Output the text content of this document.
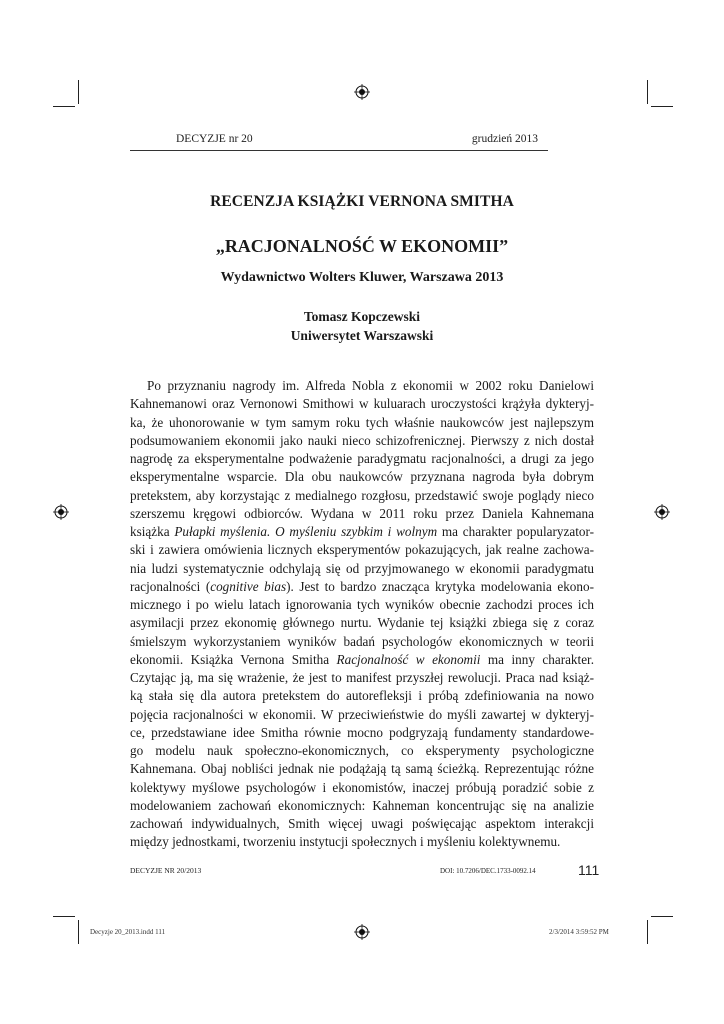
DECYZJE nr 20	grudzień 2013
RECENZJA KSIĄŻKI VERNONA SMITHA
„RACJONALNOŚĆ W EKONOMII”
Wydawnictwo Wolters Kluwer, Warszawa 2013
Tomasz Kopczewski
Uniwersytet Warszawski
Po przyznaniu nagrody im. Alfreda Nobla z ekonomii w 2002 roku Danielowi
Kahnemanowi oraz Vernonowi Smithowi w kuluarach uroczystości krążyła dykteryj-
ka, że uhonorowanie w tym samym roku tych właśnie naukowców jest najlepszym
podsumowaniem ekonomii jako nauki nieco schizofrenicznej. Pierwszy z nich dostał
nagrodę za eksperymentalne podważenie paradygmatu racjonalności, a drugi za jego
eksperymentalne wsparcie. Dla obu naukowców przyznana nagroda była dobrym
pretekstem, aby korzystając z medialnego rozgłosu, przedstawić swoje poglądy nieco
szerszemu kręgowi odbiorców. Wydana w 2011 roku przez Daniela Kahnemana
książka Pułapki myślenia. O myśleniu szybkim i wolnym ma charakter popularyzator-
ski i zawiera omówienia licznych eksperymentów pokazujących, jak realne zachowa-
nia ludzi systematycznie odchylają się od przyjmowanego w ekonomii paradygmatu
racjonalności (cognitive bias). Jest to bardzo znacząca krytyka modelowania ekono-
micznego i po wielu latach ignorowania tych wyników obecnie zachodzi proces ich
asymilacji przez ekonomię głównego nurtu. Wydanie tej książki zbiega się z coraz
śmielszym wykorzystaniem wyników badań psychologów ekonomicznych w teorii
ekonomii. Książka Vernona Smitha Racjonalność w ekonomii ma inny charakter.
Czytając ją, ma się wrażenie, że jest to manifest przyszłej rewolucji. Praca nad książ-
ką stała się dla autora pretekstem do autorefleksji i próbą zdefiniowania na nowo
pojęcia racjonalności w ekonomii. W przeciwieństwie do myśli zawartej w dykteryj-
ce, przedstawiane idee Smitha równie mocno podgryzają fundamenty standardowe-
go modelu nauk społeczno-ekonomicznych, co eksperymenty psychologiczne
Kahnemana. Obaj nobliści jednak nie podążają tą samą ścieżką. Reprezentując różne
kolektywy myślowe psychologów i ekonomistów, inaczej próbują poradzić sobie z
modelowaniem zachowań ekonomicznych: Kahneman koncentrując się na analizie
zachowań indywidualnych, Smith więcej uwagi poświęcając aspektom interakcji
między jednostkami, tworzeniu instytucji społecznych i myśleniu kolektywnemu.
DECYZJE NR 20/2013	DOI: 10.7206/DEC.1733-0092.14	111
Decyzje 20_2013.indd 111	2/3/2014 3:59:52 PM
